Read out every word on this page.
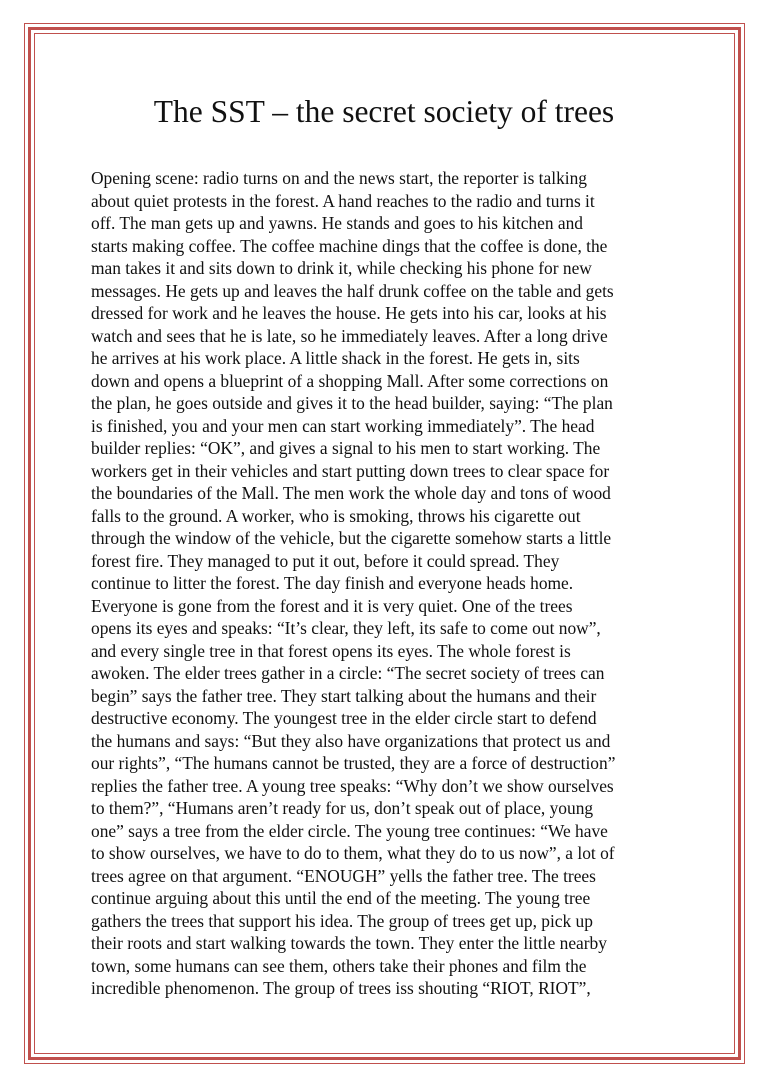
The SST – the secret society of trees
Opening scene: radio turns on and the news start, the reporter is talking
about quiet protests in the forest. A hand reaches to the radio and turns it
off. The man gets up and yawns. He stands and goes to his kitchen and
starts making coffee. The coffee machine dings that the coffee is done, the
man takes it and sits down to drink it, while checking his phone for new
messages. He gets up and leaves the half drunk coffee on the table and gets
dressed for work and he leaves the house. He gets into his car, looks at his
watch and sees that he is late, so he immediately leaves. After a long drive
he arrives at his work place. A little shack in the forest. He gets in, sits
down and opens a blueprint of a shopping Mall. After some corrections on
the plan, he goes outside and gives it to the head builder, saying: “The plan
is finished, you and your men can start working immediately”. The head
builder replies: “OK”, and gives a signal to his men to start working. The
workers get in their vehicles and start putting down trees to clear space for
the boundaries of the Mall. The men work the whole day and tons of wood
falls to the ground. A worker, who is smoking, throws his cigarette out
through the window of the vehicle, but the cigarette somehow starts a little
forest fire. They managed to put it out, before it could spread. They
continue to litter the forest. The day finish and everyone heads home.
Everyone is gone from the forest and it is very quiet. One of the trees
opens its eyes and speaks: “It’s clear, they left, its safe to come out now”,
and every single tree in that forest opens its eyes. The whole forest is
awoken. The elder trees gather in a circle: “The secret society of trees can
begin” says the father tree. They start talking about the humans and their
destructive economy. The youngest tree in the elder circle start to defend
the humans and says: “But they also have organizations that protect us and
our rights”, “The humans cannot be trusted, they are a force of destruction”
replies the father tree. A young tree speaks: “Why don’t we show ourselves
to them?”, “Humans aren’t ready for us, don’t speak out of place, young
one” says a tree from the elder circle. The young tree continues: “We have
to show ourselves, we have to do to them, what they do to us now”, a lot of
trees agree on that argument. “ENOUGH” yells the father tree. The trees
continue arguing about this until the end of the meeting. The young tree
gathers the trees that support his idea. The group of trees get up, pick up
their roots and start walking towards the town. They enter the little nearby
town, some humans can see them, others take their phones and film the
incredible phenomenon. The group of trees iss shouting “RIOT, RIOT”,
